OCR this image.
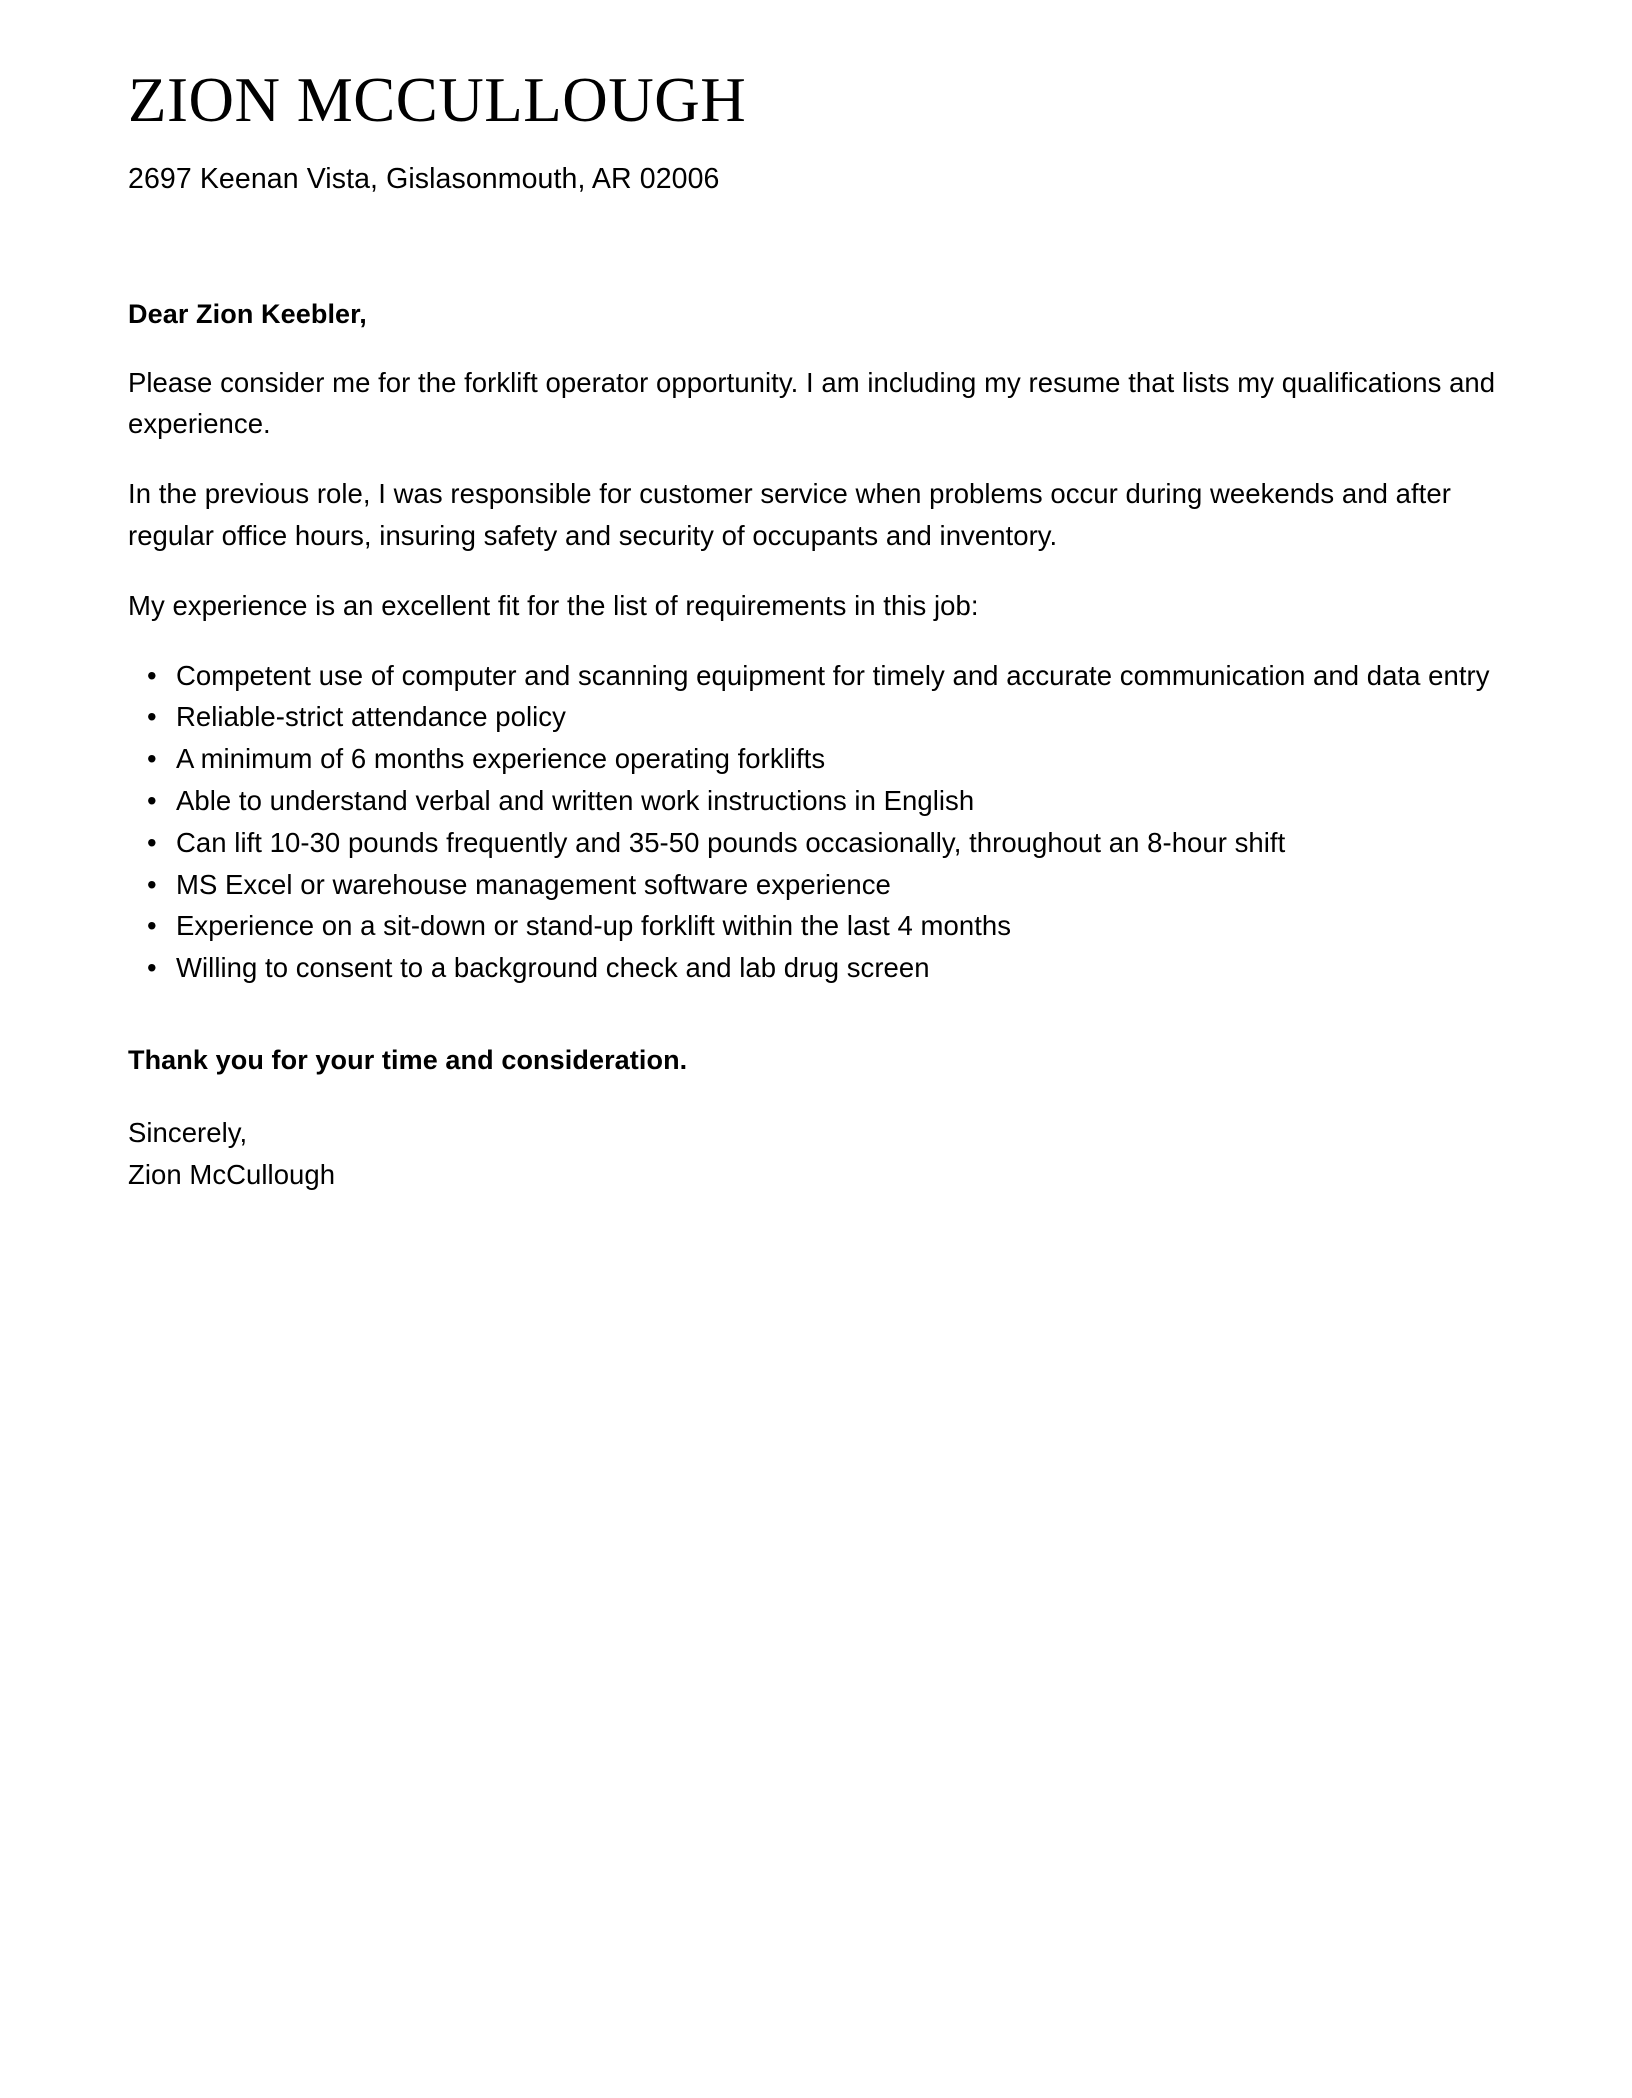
ZION MCCULLOUGH

2697 Keenan Vista, Gislasonmouth, AR 02006

Dear Zion Keebler,

Please consider me for the forklift operator opportunity. I am including my resume that lists my qualifications and experience.

In the previous role, I was responsible for customer service when problems occur during weekends and after regular office hours, insuring safety and security of occupants and inventory.

My experience is an excellent fit for the list of requirements in this job:

• Competent use of computer and scanning equipment for timely and accurate communication and data entry
• Reliable-strict attendance policy
• A minimum of 6 months experience operating forklifts
• Able to understand verbal and written work instructions in English
• Can lift 10-30 pounds frequently and 35-50 pounds occasionally, throughout an 8-hour shift
• MS Excel or warehouse management software experience
• Experience on a sit-down or stand-up forklift within the last 4 months
• Willing to consent to a background check and lab drug screen

Thank you for your time and consideration.

Sincerely,
Zion McCullough
